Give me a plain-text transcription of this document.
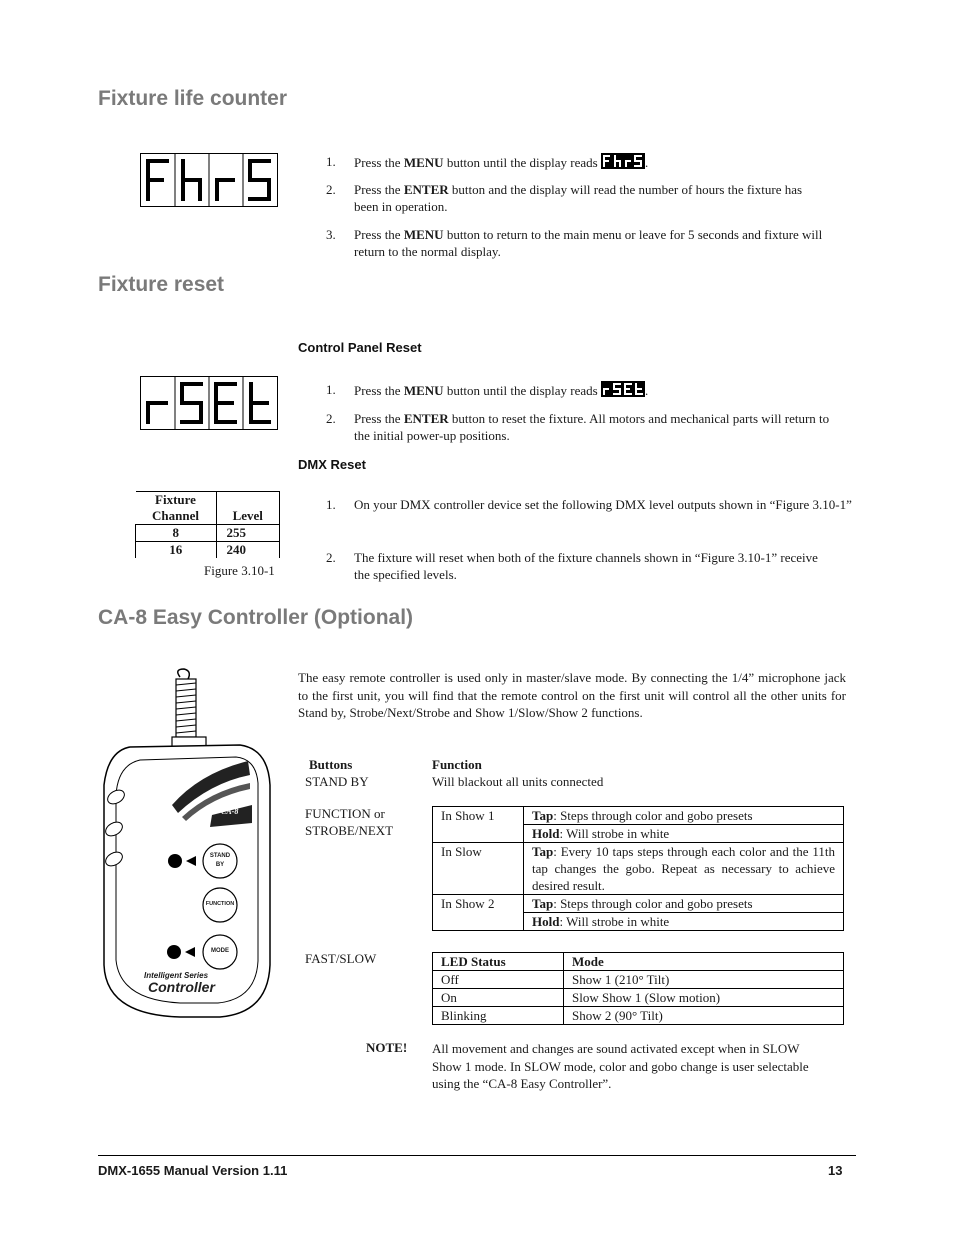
Fixture life counter
1.	Press the MENU button until the display reads	.
2.	Press the ENTER button and the display will read the number of hours the fixture has been in operation.
3.	Press the MENU button to return to the main menu or leave for 5 seconds and fixture will return to the normal display.
Fixture reset
Control Panel Reset
1.	Press the MENU button until the display reads	.
2.	Press the ENTER button to reset the fixture. All motors and mechanical parts will return to the initial power-up positions.
DMX Reset
Fixture Channel	Level
8	255
16	240
Figure 3.10-1
1.	On your DMX controller device set the following DMX level outputs shown in “Figure 3.10-1”
2.	The fixture will reset when both of the fixture channels shown in “Figure 3.10-1” receive the specified levels.
CA-8 Easy Controller (Optional)
CA-8
STAND
BY
FUNCTION
MODE
Intelligent Series
Controller
The easy remote controller is used only in master/slave mode. By connecting the 1/4” microphone jack to the first unit, you will find that the remote control on the first unit will control all the other units for Stand by, Strobe/Next/Strobe and Show 1/Slow/Show 2 functions.
Buttons	Function
STAND BY	Will blackout all units connected
FUNCTION or STROBE/NEXT
In Show 1	Tap: Steps through color and gobo presets
	Hold: Will strobe in white
In Slow	Tap: Every 10 taps steps through each color and the 11th tap changes the gobo. Repeat as necessary to achieve desired result.
In Show 2	Tap: Steps through color and gobo presets
	Hold: Will strobe in white
FAST/SLOW	LED Status	Mode
Off	Show 1 (210° Tilt)
On	Slow Show 1 (Slow motion)
Blinking	Show 2 (90° Tilt)
NOTE! All movement and changes are sound activated except when in SLOW Show 1 mode. In SLOW mode, color and gobo change is user selectable using the “CA-8 Easy Controller”.
DMX-1655 Manual Version 1.11	13
